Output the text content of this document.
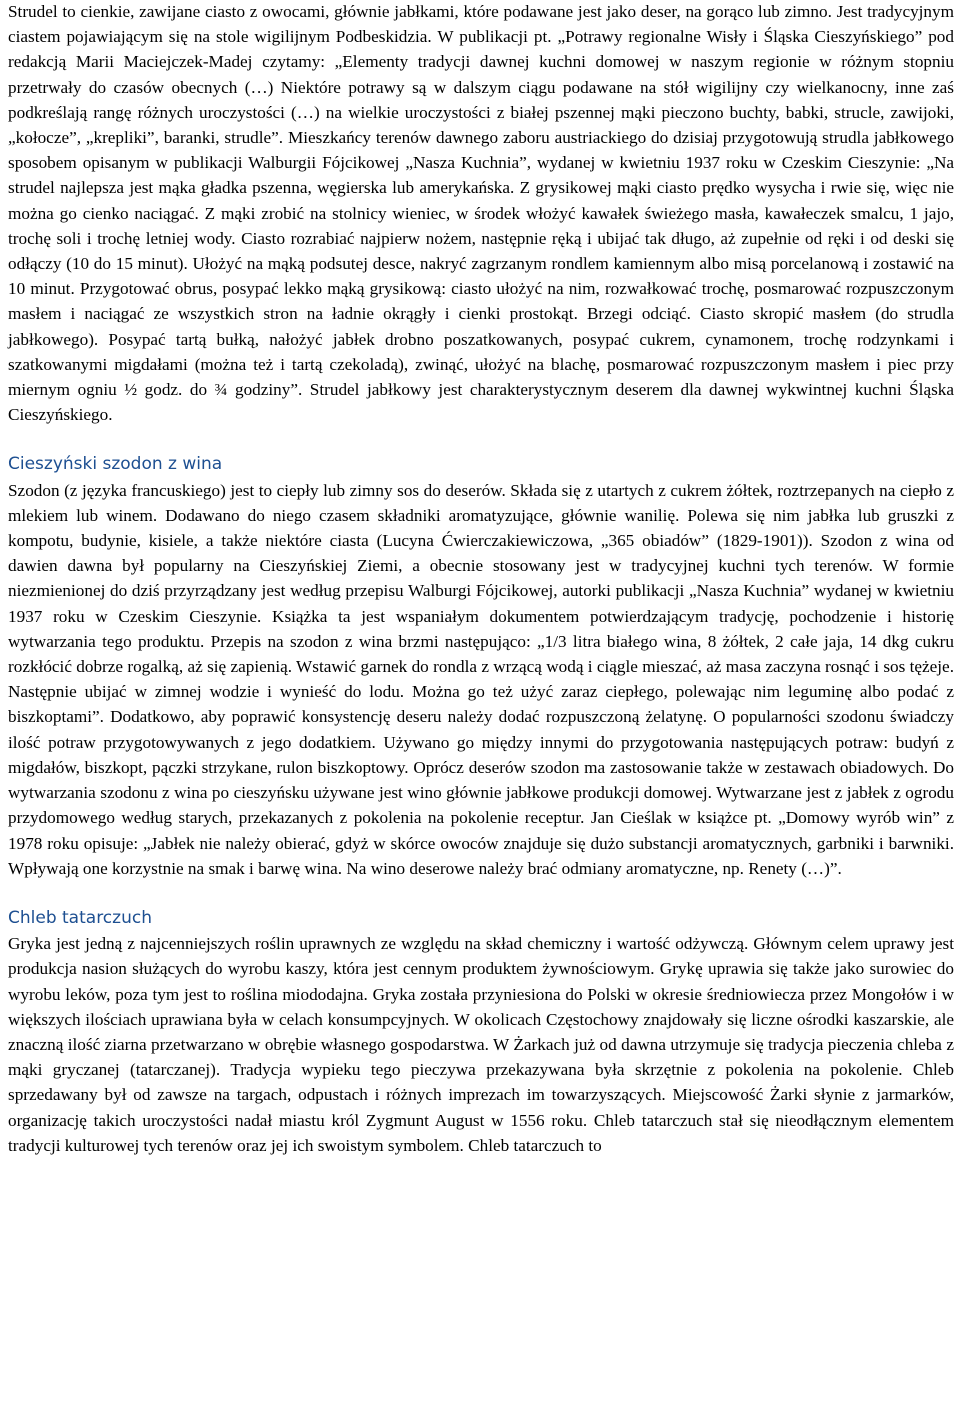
Strudel to cienkie, zawijane ciasto z owocami, głównie jabłkami, które podawane jest jako deser, na gorąco lub zimno. Jest tradycyjnym ciastem pojawiającym się na stole wigilijnym Podbeskidzia. W publikacji pt. „Potrawy regionalne Wisły i Śląska Cieszyńskiego” pod redakcją Marii Maciejczek-Madej czytamy: „Elementy tradycji dawnej kuchni domowej w naszym regionie w różnym stopniu przetrwały do czasów obecnych (…) Niektóre potrawy są w dalszym ciągu podawane na stół wigilijny czy wielkanocny, inne zaś podkreślają rangę różnych uroczystości (…) na wielkie uroczystości z białej pszennej mąki pieczono buchty, babki, strucle, zawijoki, „kołocze”, „krepliki”, baranki, strudle”. Mieszkańcy terenów dawnego zaboru austriackiego do dzisiaj przygotowują strudla jabłkowego sposobem opisanym w publikacji Walburgii Fójcikowej „Nasza Kuchnia”, wydanej w kwietniu 1937 roku w Czeskim Cieszynie: „Na strudel najlepsza jest mąka gładka pszenna, węgierska lub amerykańska. Z grysikowej mąki ciasto prędko wysycha i rwie się, więc nie można go cienko naciągać. Z mąki zrobić na stolnicy wieniec, w środek włożyć kawałek świeżego masła, kawałeczek smalcu, 1 jajo, trochę soli i trochę letniej wody. Ciasto rozrabiać najpierw nożem, następnie ręką i ubijać tak długo, aż zupełnie od ręki i od deski się odłączy (10 do 15 minut). Ułożyć na mąką podsutej desce, nakryć zagrzanym rondlem kamiennym albo misą porcelanową i zostawić na 10 minut. Przygotować obrus, posypać lekko mąką grysikową: ciasto ułożyć na nim, rozwałkować trochę, posmarować rozpuszczonym masłem i naciągać ze wszystkich stron na ładnie okrągły i cienki prostokąt. Brzegi odciąć. Ciasto skropić masłem (do strudla jabłkowego). Posypać tartą bułką, nałożyć jabłek drobno poszatkowanych, posypać cukrem, cynamonem, trochę rodzynkami i szatkowanymi migdałami (można też i tartą czekoladą), zwinąć, ułożyć na blachę, posmarować rozpuszczonym masłem i piec przy miernym ogniu ½ godz. do ¾ godziny”. Strudel jabłkowy jest charakterystycznym deserem dla dawnej wykwintnej kuchni Śląska Cieszyńskiego.

Cieszyński szodon z wina

Szodon (z języka francuskiego) jest to ciepły lub zimny sos do deserów. Składa się z utartych z cukrem żółtek, roztrzepanych na ciepło z mlekiem lub winem. Dodawano do niego czasem składniki aromatyzujące, głównie wanilię. Polewa się nim jabłka lub gruszki z kompotu, budynie, kisiele, a także niektóre ciasta (Lucyna Ćwierczakiewiczowa, „365 obiadów” (1829-1901)). Szodon z wina od dawien dawna był popularny na Cieszyńskiej Ziemi, a obecnie stosowany jest w tradycyjnej kuchni tych terenów. W formie niezmienionej do dziś przyrządzany jest według przepisu Walburgi Fójcikowej, autorki publikacji „Nasza Kuchnia” wydanej w kwietniu 1937 roku w Czeskim Cieszynie. Książka ta jest wspaniałym dokumentem potwierdzającym tradycję, pochodzenie i historię wytwarzania tego produktu. Przepis na szodon z wina brzmi następująco: „1/3 litra białego wina, 8 żółtek, 2 całe jaja, 14 dkg cukru rozkłócić dobrze rogalką, aż się zapienią. Wstawić garnek do rondla z wrzącą wodą i ciągle mieszać, aż masa zaczyna rosnąć i sos tężeje. Następnie ubijać w zimnej wodzie i wynieść do lodu. Można go też użyć zaraz ciepłego, polewając nim leguminę albo podać z biszkoptami”. Dodatkowo, aby poprawić konsystencję deseru należy dodać rozpuszczoną żelatynę. O popularności szodonu świadczy ilość potraw przygotowywanych z jego dodatkiem. Używano go między innymi do przygotowania następujących potraw: budyń z migdałów, biszkopt, pączki strzykane, rulon biszkoptowy. Oprócz deserów szodon ma zastosowanie także w zestawach obiadowych. Do wytwarzania szodonu z wina po cieszyńsku używane jest wino głównie jabłkowe produkcji domowej. Wytwarzane jest z jabłek z ogrodu przydomowego według starych, przekazanych z pokolenia na pokolenie receptur. Jan Cieślak w książce pt. „Domowy wyrób win” z 1978 roku opisuje: „Jabłek nie należy obierać, gdyż w skórce owoców znajduje się dużo substancji aromatycznych, garbniki i barwniki. Wpływają one korzystnie na smak i barwę wina. Na wino deserowe należy brać odmiany aromatyczne, np. Renety (…)”.

Chleb tatarczuch

Gryka jest jedną z najcenniejszych roślin uprawnych ze względu na skład chemiczny i wartość odżywczą. Głównym celem uprawy jest produkcja nasion służących do wyrobu kaszy, która jest cennym produktem żywnościowym. Grykę uprawia się także jako surowiec do wyrobu leków, poza tym jest to roślina miododajna. Gryka została przyniesiona do Polski w okresie średniowiecza przez Mongołów i w większych ilościach uprawiana była w celach konsumpcyjnych. W okolicach Częstochowy znajdowały się liczne ośrodki kaszarskie, ale znaczną ilość ziarna przetwarzano w obrębie własnego gospodarstwa. W Żarkach już od dawna utrzymuje się tradycja pieczenia chleba z mąki gryczanej (tatarczanej). Tradycja wypieku tego pieczywa przekazywana była skrzętnie z pokolenia na pokolenie. Chleb sprzedawany był od zawsze na targach, odpustach i różnych imprezach im towarzyszących. Miejscowość Żarki słynie z jarmarków, organizację takich uroczystości nadał miastu król Zygmunt August w 1556 roku. Chleb tatarczuch stał się nieodłącznym elementem tradycji kulturowej tych terenów oraz jej ich swoistym symbolem. Chleb tatarczuch to
